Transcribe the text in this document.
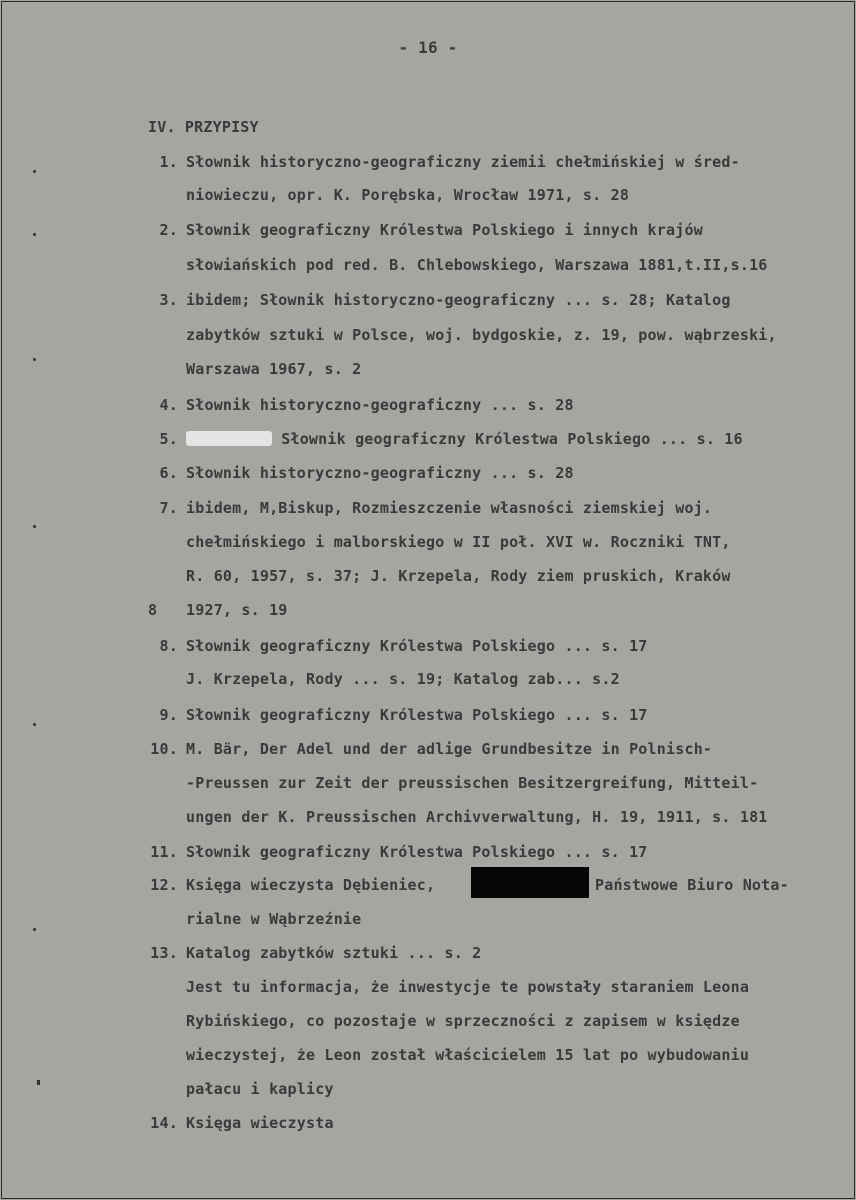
- 16 -
IV. PRZYPISY
1. Słownik historyczno-geograficzny ziemii chełmińskiej w śred-
niowieczu, opr. K. Porębska, Wrocław 1971, s. 28
2. Słownik geograficzny Królestwa Polskiego i innych krajów
słowiańskich pod red. B. Chlebowskiego, Warszawa 1881,t.II,s.16
3. ibidem; Słownik historyczno-geograficzny ... s. 28; Katalog
zabytków sztuki w Polsce, woj. bydgoskie, z. 19, pow. wąbrzeski,
Warszawa 1967, s. 2
4. Słownik historyczno-geograficzny ... s. 28
5.	Słownik geograficzny Królestwa Polskiego ... s. 16
6. Słownik historyczno-geograficzny ... s. 28
7. ibidem, M,Biskup, Rozmieszczenie własności ziemskiej woj.
chełmińskiego i malborskiego w II poł. XVI w. Roczniki TNT,
R. 60, 1957, s. 37; J. Krzepela, Rody ziem pruskich, Kraków
1927, s. 19
8. Słownik geograficzny Królestwa Polskiego ... s. 17
J. Krzepela, Rody ... s. 19; Katalog zab... s.2
9. Słownik geograficzny Królestwa Polskiego ... s. 17
10. M. Bär, Der Adel und der adlige Grundbesitze in Polnisch-
-Preussen zur Zeit der preussischen Besitzergreifung, Mitteil-
ungen der K. Preussischen Archivverwaltung, H. 19, 1911, s. 181
11. Słownik geograficzny Królestwa Polskiego ... s. 17
12. Księga wieczysta Dębieniec,	Państwowe Biuro Nota-
rialne w Wąbrzeźnie
13. Katalog zabytków sztuki ... s. 2
Jest tu informacja, że inwestycje te powstały staraniem Leona
Rybińskiego, co pozostaje w sprzeczności z zapisem w księdze
wieczystej, że Leon został właścicielem 15 lat po wybudowaniu
pałacu i kaplicy
14. Księga wieczysta
8
